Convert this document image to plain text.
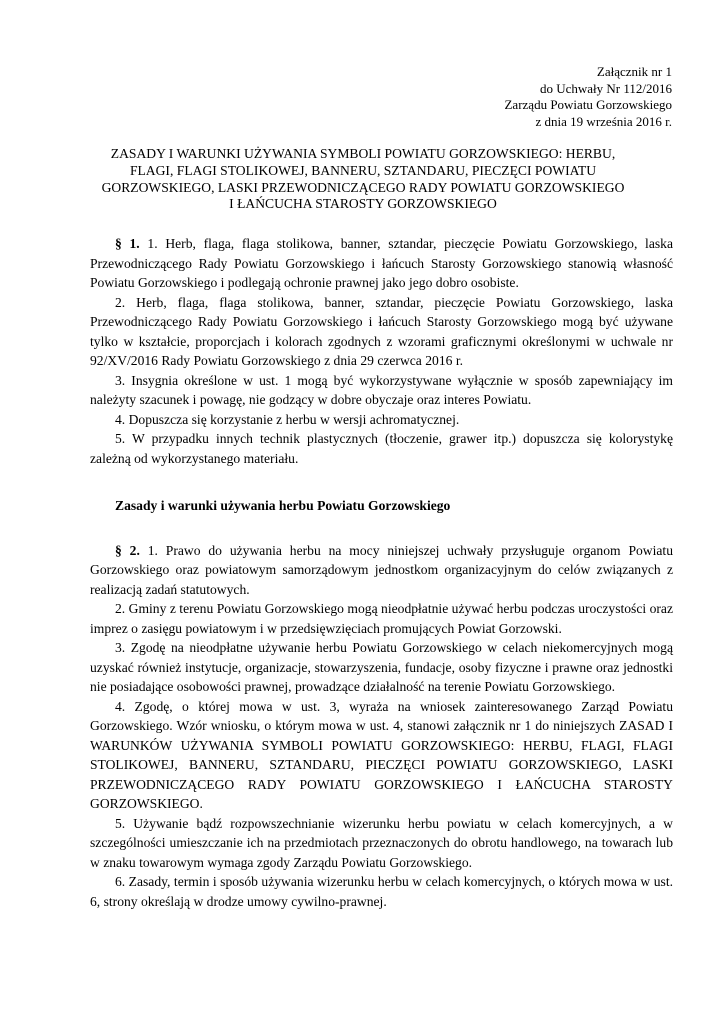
Załącznik nr 1
do Uchwały Nr 112/2016
Zarządu Powiatu Gorzowskiego
z dnia 19 września 2016 r.
ZASADY I WARUNKI UŻYWANIA SYMBOLI POWIATU GORZOWSKIEGO: HERBU,
FLAGI, FLAGI STOLIKOWEJ, BANNERU, SZTANDARU, PIECZĘCI POWIATU
GORZOWSKIEGO, LASKI PRZEWODNICZĄCEGO RADY POWIATU GORZOWSKIEGO
I ŁAŃCUCHA STAROSTY GORZOWSKIEGO

§ 1. 1. Herb, flaga, flaga stolikowa, banner, sztandar, pieczęcie Powiatu Gorzowskiego, laska Przewodniczącego Rady Powiatu Gorzowskiego i łańcuch Starosty Gorzowskiego stanowią własność Powiatu Gorzowskiego i podlegają ochronie prawnej jako jego dobro osobiste.

2. Herb, flaga, flaga stolikowa, banner, sztandar, pieczęcie Powiatu Gorzowskiego, laska Przewodniczącego Rady Powiatu Gorzowskiego i łańcuch Starosty Gorzowskiego mogą być używane tylko w kształcie, proporcjach i kolorach zgodnych z wzorami graficznymi określonymi w uchwale nr 92/XV/2016 Rady Powiatu Gorzowskiego z dnia 29 czerwca 2016 r.

3. Insygnia określone w ust. 1 mogą być wykorzystywane wyłącznie w sposób zapewniający im należyty szacunek i powagę, nie godzący w dobre obyczaje oraz interes Powiatu.

4. Dopuszcza się korzystanie z herbu w wersji achromatycznej.

5. W przypadku innych technik plastycznych (tłoczenie, grawer itp.) dopuszcza się kolorystykę zależną od wykorzystanego materiału.

Zasady i warunki używania herbu Powiatu Gorzowskiego

§ 2. 1. Prawo do używania herbu na mocy niniejszej uchwały przysługuje organom Powiatu Gorzowskiego oraz powiatowym samorządowym jednostkom organizacyjnym do celów związanych z realizacją zadań statutowych.

2. Gminy z terenu Powiatu Gorzowskiego mogą nieodpłatnie używać herbu podczas uroczystości oraz imprez o zasięgu powiatowym i w przedsięwzięciach promujących Powiat Gorzowski.

3. Zgodę na nieodpłatne używanie herbu Powiatu Gorzowskiego w celach niekomercyjnych mogą uzyskać również instytucje, organizacje, stowarzyszenia, fundacje, osoby fizyczne i prawne oraz jednostki nie posiadające osobowości prawnej, prowadzące działalność na terenie Powiatu Gorzowskiego.

4. Zgodę, o której mowa w ust. 3, wyraża na wniosek zainteresowanego Zarząd Powiatu Gorzowskiego. Wzór wniosku, o którym mowa w ust. 4, stanowi załącznik nr 1 do niniejszych ZASAD I WARUNKÓW UŻYWANIA SYMBOLI POWIATU GORZOWSKIEGO: HERBU, FLAGI, FLAGI STOLIKOWEJ, BANNERU, SZTANDARU, PIECZĘCI POWIATU GORZOWSKIEGO, LASKI PRZEWODNICZĄCEGO RADY POWIATU GORZOWSKIEGO I ŁAŃCUCHA STAROSTY GORZOWSKIEGO.

5. Używanie bądź rozpowszechnianie wizerunku herbu powiatu w celach komercyjnych, a w szczególności umieszczanie ich na przedmiotach przeznaczonych do obrotu handlowego, na towarach lub w znaku towarowym wymaga zgody Zarządu Powiatu Gorzowskiego.

6. Zasady, termin i sposób używania wizerunku herbu w celach komercyjnych, o których mowa w ust. 6, strony określają w drodze umowy cywilno-prawnej.
